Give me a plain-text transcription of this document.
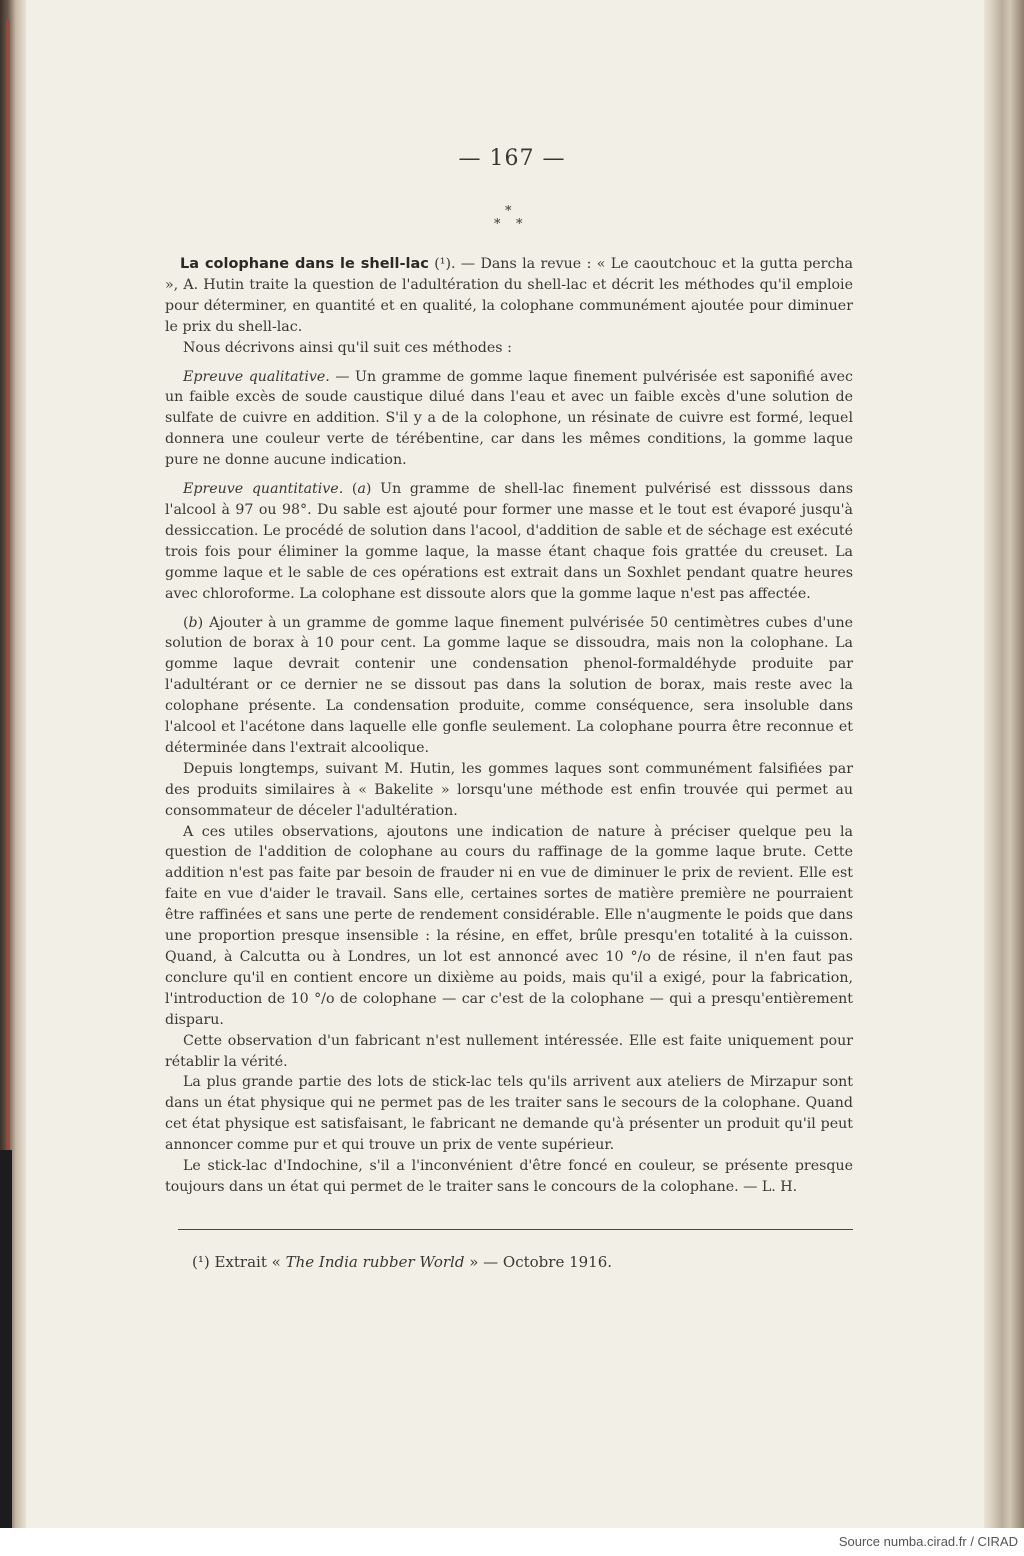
— 167 —
*
* *

La colophane dans le shell-lac (¹). — Dans la revue : « Le caoutchouc et la gutta percha », A. Hutin traite la question de l'adultération du shell-lac et décrit les méthodes qu'il emploie pour déterminer, en quantité et en qualité, la colophane communément ajoutée pour diminuer le prix du shell-lac.

Nous décrivons ainsi qu'il suit ces méthodes :

Epreuve qualitative. — Un gramme de gomme laque finement pulvérisée est saponifié avec un faible excès de soude caustique dilué dans l'eau et avec un faible excès d'une solution de sulfate de cuivre en addition. S'il y a de la colophone, un résinate de cuivre est formé, lequel donnera une couleur verte de térébentine, car dans les mêmes conditions, la gomme laque pure ne donne aucune indication.

Epreuve quantitative. (a) Un gramme de shell-lac finement pulvérisé est disssous dans l'alcool à 97 ou 98°. Du sable est ajouté pour former une masse et le tout est évaporé jusqu'à dessiccation. Le procédé de solution dans l'acool, d'addition de sable et de séchage est exécuté trois fois pour éliminer la gomme laque, la masse étant chaque fois grattée du creuset. La gomme laque et le sable de ces opérations est extrait dans un Soxhlet pendant quatre heures avec chloroforme. La colophane est dissoute alors que la gomme laque n'est pas affectée.

(b) Ajouter à un gramme de gomme laque finement pulvérisée 50 centimètres cubes d'une solution de borax à 10 pour cent. La gomme laque se dissoudra, mais non la colophane. La gomme laque devrait contenir une condensation phenol-formaldéhyde produite par l'adultérant or ce dernier ne se dissout pas dans la solution de borax, mais reste avec la colophane présente. La condensation produite, comme conséquence, sera insoluble dans l'alcool et l'acétone dans laquelle elle gonfle seulement. La colophane pourra être reconnue et déterminée dans l'extrait alcoolique.

Depuis longtemps, suivant M. Hutin, les gommes laques sont communément falsifiées par des produits similaires à « Bakelite » lorsqu'une méthode est enfin trouvée qui permet au consommateur de déceler l'adultération.

A ces utiles observations, ajoutons une indication de nature à préciser quelque peu la question de l'addition de colophane au cours du raffinage de la gomme laque brute. Cette addition n'est pas faite par besoin de frauder ni en vue de diminuer le prix de revient. Elle est faite en vue d'aider le travail. Sans elle, certaines sortes de matière première ne pourraient être raffinées et sans une perte de rendement considérable. Elle n'augmente le poids que dans une proportion presque insensible : la résine, en effet, brûle presqu'en totalité à la cuisson. Quand, à Calcutta ou à Londres, un lot est annoncé avec 10 °/o de résine, il n'en faut pas conclure qu'il en contient encore un dixième au poids, mais qu'il a exigé, pour la fabrication, l'introduction de 10 °/o de colophane — car c'est de la colophane — qui a presqu'entièrement disparu.

Cette observation d'un fabricant n'est nullement intéressée. Elle est faite uniquement pour rétablir la vérité.

La plus grande partie des lots de stick-lac tels qu'ils arrivent aux ateliers de Mirzapur sont dans un état physique qui ne permet pas de les traiter sans le secours de la colophane. Quand cet état physique est satisfaisant, le fabricant ne demande qu'à présenter un produit qu'il peut annoncer comme pur et qui trouve un prix de vente supérieur.

Le stick-lac d'Indochine, s'il a l'inconvénient d'être foncé en couleur, se présente presque toujours dans un état qui permet de le traiter sans le concours de la colophane. — L. H.

(¹) Extrait « The India rubber World » — Octobre 1916.
Source numba.cirad.fr / CIRAD
